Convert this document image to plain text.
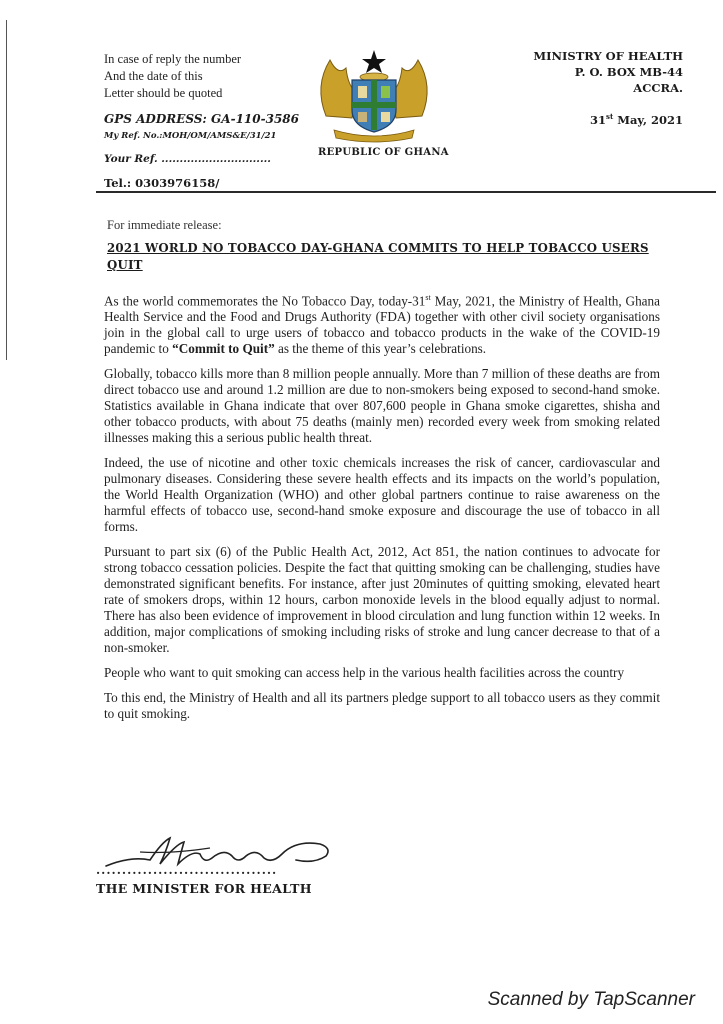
In case of reply the number
And the date of this
Letter should be quoted
GPS ADDRESS: GA-110-3586
My Ref. No.:MOH/OM/AMS&E/31/21
Your Ref. ..............................
Tel.: 0303976158/
REPUBLIC OF GHANA
MINISTRY OF HEALTH
P. O. BOX MB-44
ACCRA.
31st May, 2021
For immediate release:
2021 WORLD NO TOBACCO DAY-GHANA COMMITS TO HELP TOBACCO USERS QUIT

As the world commemorates the No Tobacco Day, today-31st May, 2021, the Ministry of Health, Ghana Health Service and the Food and Drugs Authority (FDA) together with other civil society organisations join in the global call to urge users of tobacco and tobacco products in the wake of the COVID-19 pandemic to “Commit to Quit” as the theme of this year’s celebrations.

Globally, tobacco kills more than 8 million people annually. More than 7 million of these deaths are from direct tobacco use and around 1.2 million are due to non-smokers being exposed to second-hand smoke. Statistics available in Ghana indicate that over 807,600 people in Ghana smoke cigarettes, shisha and other tobacco products, with about 75 deaths (mainly men) recorded every week from smoking related illnesses making this a serious public health threat.

Indeed, the use of nicotine and other toxic chemicals increases the risk of cancer, cardiovascular and pulmonary diseases. Considering these severe health effects and its impacts on the world’s population, the World Health Organization (WHO) and other global partners continue to raise awareness on the harmful effects of tobacco use, second-hand smoke exposure and discourage the use of tobacco in all forms.

Pursuant to part six (6) of the Public Health Act, 2012, Act 851, the nation continues to advocate for strong tobacco cessation policies. Despite the fact that quitting smoking can be challenging, studies have demonstrated significant benefits. For instance, after just 20minutes of quitting smoking, elevated heart rate of smokers drops, within 12 hours, carbon monoxide levels in the blood equally adjust to normal. There has also been evidence of improvement in blood circulation and lung function within 12 weeks. In addition, major complications of smoking including risks of stroke and lung cancer decrease to that of a non-smoker.

People who want to quit smoking can access help in the various health facilities across the country

To this end, the Ministry of Health and all its partners pledge support to all tobacco users as they commit to quit smoking.

...................................
THE MINISTER FOR HEALTH
Scanned by TapScanner
